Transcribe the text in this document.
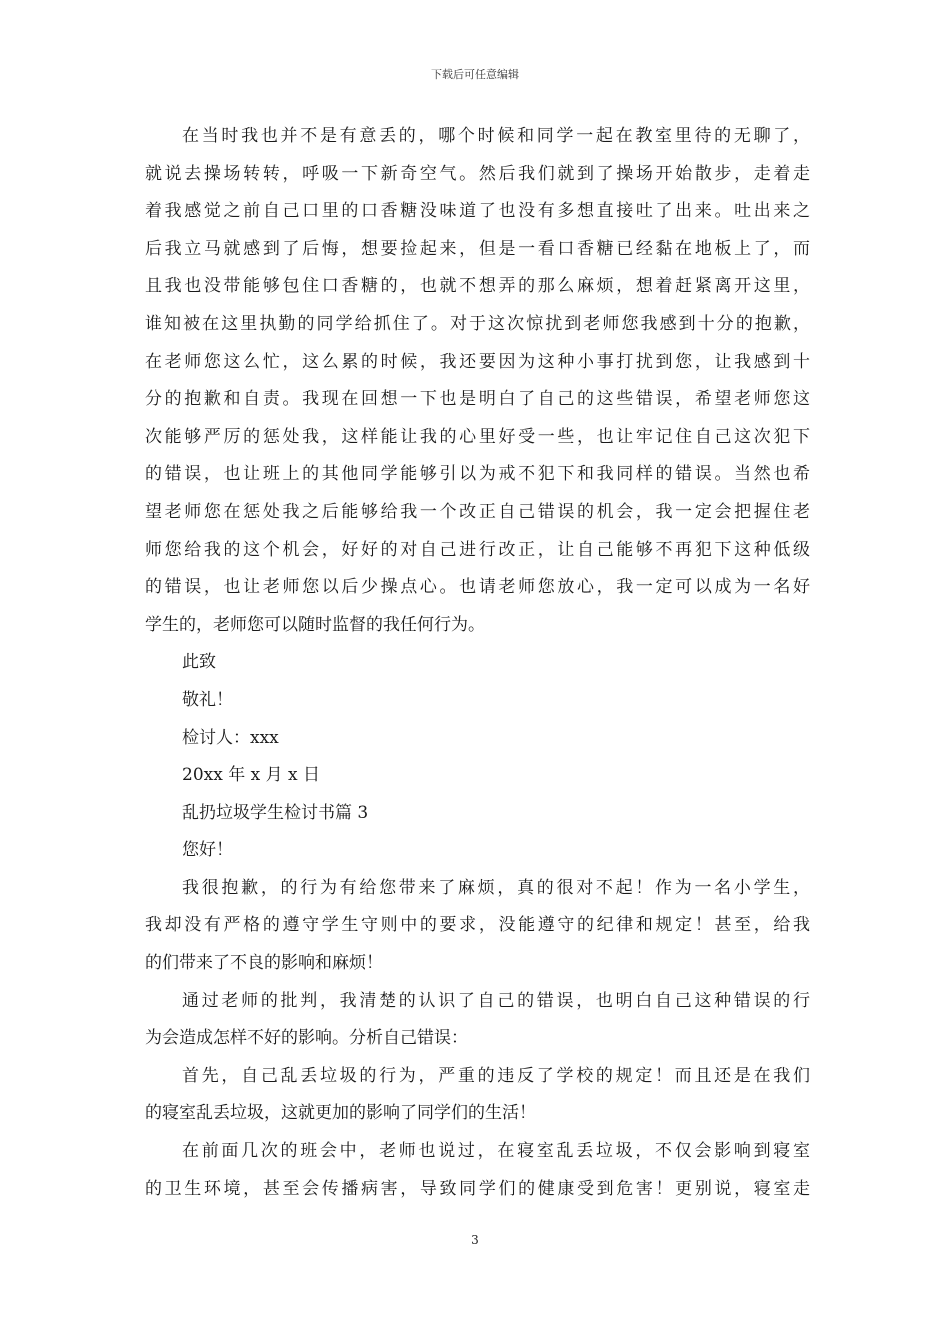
下载后可任意编辑
在当时我也并不是有意丢的，哪个时候和同学一起在教室里待的无聊了，
就说去操场转转，呼吸一下新奇空气。然后我们就到了操场开始散步，走着走
着我感觉之前自己口里的口香糖没味道了也没有多想直接吐了出来。吐出来之
后我立马就感到了后悔，想要捡起来，但是一看口香糖已经黏在地板上了，而
且我也没带能够包住口香糖的，也就不想弄的那么麻烦，想着赶紧离开这里，
谁知被在这里执勤的同学给抓住了。对于这次惊扰到老师您我感到十分的抱歉，
在老师您这么忙，这么累的时候，我还要因为这种小事打扰到您，让我感到十
分的抱歉和自责。我现在回想一下也是明白了自己的这些错误，希望老师您这
次能够严厉的惩处我，这样能让我的心里好受一些，也让牢记住自己这次犯下
的错误，也让班上的其他同学能够引以为戒不犯下和我同样的错误。当然也希
望老师您在惩处我之后能够给我一个改正自己错误的机会，我一定会把握住老
师您给我的这个机会，好好的对自己进行改正，让自己能够不再犯下这种低级
的错误，也让老师您以后少操点心。也请老师您放心，我一定可以成为一名好
学生的，老师您可以随时监督的我任何行为。
此致
敬礼！
检讨人：xxx
20xx 年 x 月 x 日
乱扔垃圾学生检讨书篇 3
您好！
我很抱歉，的行为有给您带来了麻烦，真的很对不起！作为一名小学生，
我却没有严格的遵守学生守则中的要求，没能遵守的纪律和规定！甚至，给我
的们带来了不良的影响和麻烦！
通过老师的批判，我清楚的认识了自己的错误，也明白自己这种错误的行
为会造成怎样不好的影响。分析自己错误：
首先，自己乱丢垃圾的行为，严重的违反了学校的规定！而且还是在我们
的寝室乱丢垃圾，这就更加的影响了同学们的生活！
在前面几次的班会中，老师也说过，在寝室乱丢垃圾，不仅会影响到寝室
的卫生环境，甚至会传播病害，导致同学们的健康受到危害！更别说，寝室走
3
